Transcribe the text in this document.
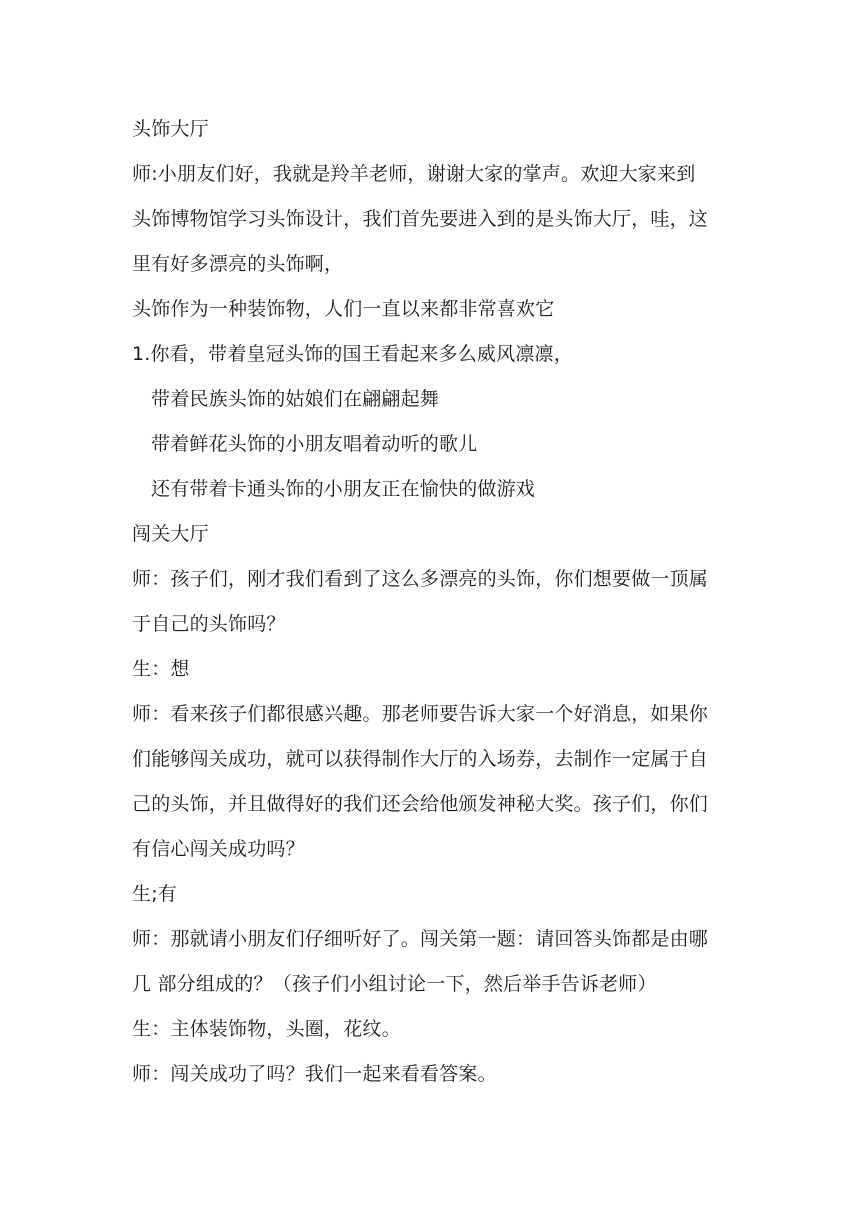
头饰大厅
师:小朋友们好，我就是羚羊老师，谢谢大家的掌声。欢迎大家来到
头饰博物馆学习头饰设计，我们首先要进入到的是头饰大厅，哇，这
里有好多漂亮的头饰啊，
头饰作为一种装饰物，人们一直以来都非常喜欢它
1.你看，带着皇冠头饰的国王看起来多么威风凛凛，
带着民族头饰的姑娘们在翩翩起舞
带着鲜花头饰的小朋友唱着动听的歌儿
还有带着卡通头饰的小朋友正在愉快的做游戏
闯关大厅
师：孩子们，刚才我们看到了这么多漂亮的头饰，你们想要做一顶属
于自己的头饰吗？
生：想
师：看来孩子们都很感兴趣。那老师要告诉大家一个好消息，如果你
们能够闯关成功，就可以获得制作大厅的入场券，去制作一定属于自
己的头饰，并且做得好的我们还会给他颁发神秘大奖。孩子们，你们
有信心闯关成功吗？
生;有
师：那就请小朋友们仔细听好了。闯关第一题：请回答头饰都是由哪
几 部分组成的？（孩子们小组讨论一下，然后举手告诉老师）
生：主体装饰物，头圈，花纹。
师：闯关成功了吗？我们一起来看看答案。
